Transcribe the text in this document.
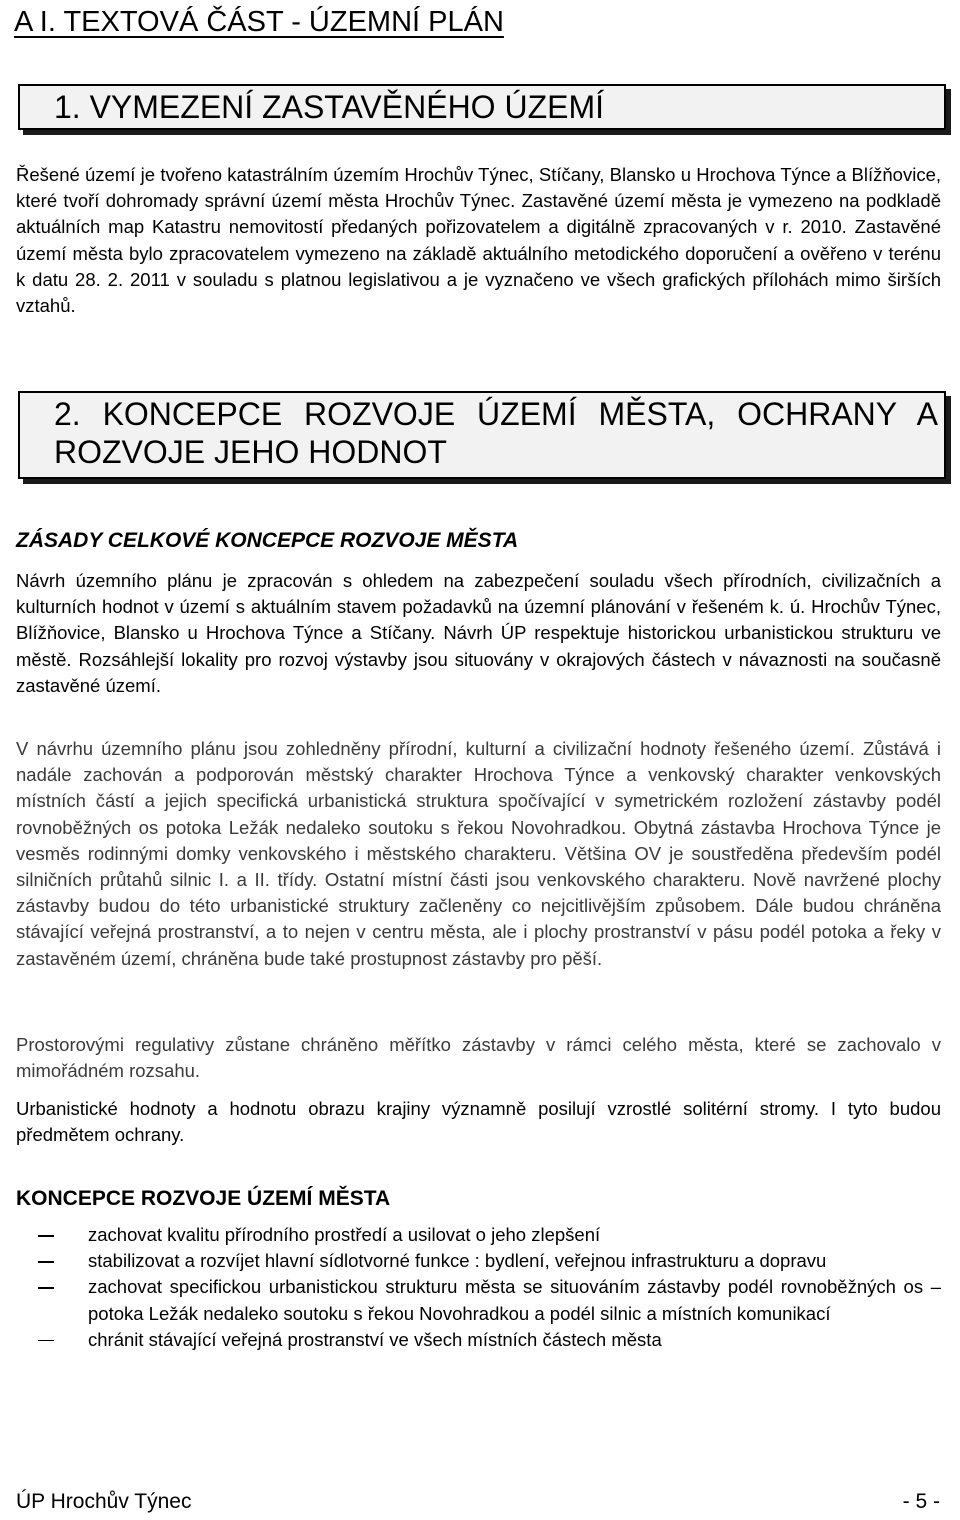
A I. TEXTOVÁ ČÁST - ÚZEMNÍ PLÁN
1. VYMEZENÍ ZASTAVĚNÉHO ÚZEMÍ

Řešené území je tvořeno katastrálním územím Hrochův Týnec, Stíčany, Blansko u Hrochova Týnce a Blížňovice, které tvoří dohromady správní území města Hrochův Týnec. Zastavěné území města je vymezeno na podkladě aktuálních map Katastru nemovitostí předaných pořizovatelem a digitálně zpracovaných v r. 2010. Zastavěné území města bylo zpracovatelem vymezeno na základě aktuálního metodického doporučení a ověřeno v terénu k datu 28. 2. 2011 v souladu s platnou legislativou a je vyznačeno ve všech grafických přílohách mimo širších vztahů.

2. KONCEPCE ROZVOJE ÚZEMÍ MĚSTA, OCHRANY A ROZVOJE JEHO HODNOT
ZÁSADY CELKOVÉ KONCEPCE ROZVOJE MĚSTA

Návrh územního plánu je zpracován s ohledem na zabezpečení souladu všech přírodních, civilizačních a kulturních hodnot v území s aktuálním stavem požadavků na územní plánování v řešeném k. ú. Hrochův Týnec, Blížňovice, Blansko u Hrochova Týnce a Stíčany. Návrh ÚP respektuje historickou urbanistickou strukturu ve městě. Rozsáhlejší lokality pro rozvoj výstavby jsou situovány v okrajových částech v návaznosti na současně zastavěné území.

V návrhu územního plánu jsou zohledněny přírodní, kulturní a civilizační hodnoty řešeného území. Zůstává i nadále zachován a podporován městský charakter Hrochova Týnce a venkovský charakter venkovských místních částí a jejich specifická urbanistická struktura spočívající v symetrickém rozložení zástavby podél rovnoběžných os potoka Ležák nedaleko soutoku s řekou Novohradkou. Obytná zástavba Hrochova Týnce je vesměs rodinnými domky venkovského i městského charakteru. Většina OV je soustředěna především podél silničních průtahů silnic I. a II. třídy. Ostatní místní části jsou venkovského charakteru. Nově navržené plochy zástavby budou do této urbanistické struktury začleněny co nejcitlivějším způsobem. Dále budou chráněna stávající veřejná prostranství, a to nejen v centru města, ale i plochy prostranství v pásu podél potoka a řeky v zastavěném území, chráněna bude také prostupnost zástavby pro pěší.

Prostorovými regulativy zůstane chráněno měřítko zástavby v rámci celého města, které se zachovalo v mimořádném rozsahu.

Urbanistické hodnoty a hodnotu obrazu krajiny významně posilují vzrostlé solitérní stromy. I tyto budou předmětem ochrany.

KONCEPCE ROZVOJE ÚZEMÍ MĚSTA
zachovat kvalitu přírodního prostředí a usilovat o jeho zlepšení
stabilizovat a rozvíjet hlavní sídlotvorné funkce : bydlení, veřejnou infrastrukturu a dopravu
zachovat specifickou urbanistickou strukturu města se situováním zástavby podél rovnoběžných os – potoka Ležák nedaleko soutoku s řekou Novohradkou a podél silnic a místních komunikací
chránit stávající veřejná prostranství ve všech místních částech města
ÚP Hrochův Týnec	- 5 -
